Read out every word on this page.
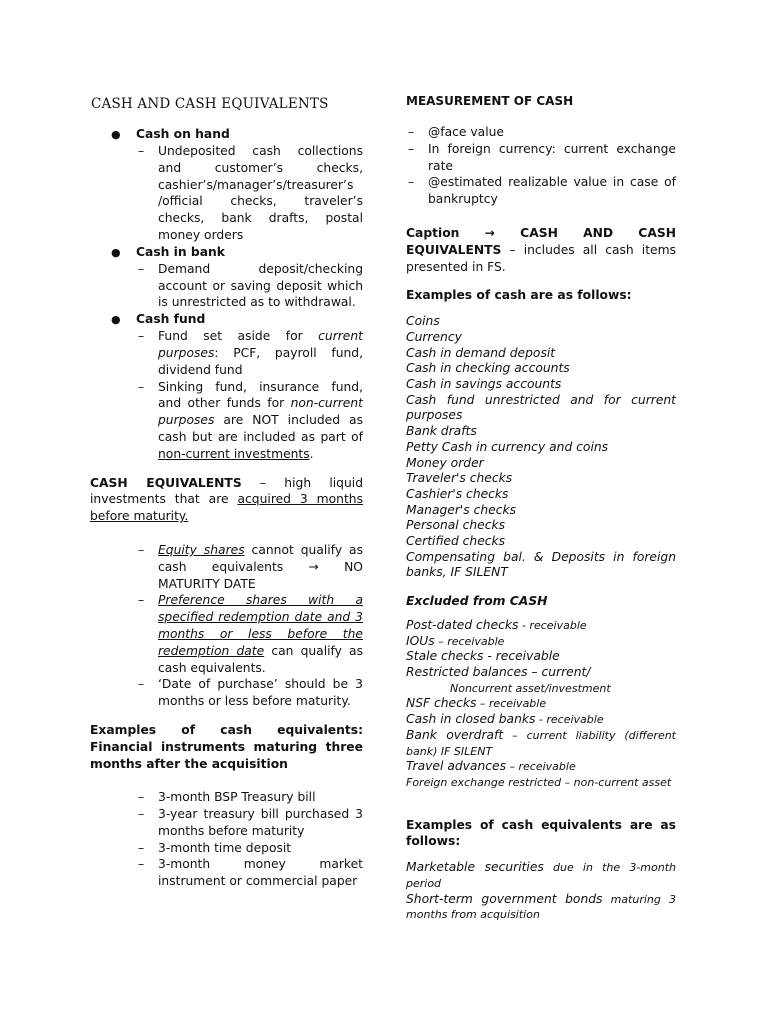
CASH AND CASH EQUIVALENTS
● Cash on hand
– Undeposited cash collections and customer’s checks, cashier’s/manager’s/treasurer’s /official checks, traveler’s checks, bank drafts, postal money orders
● Cash in bank
– Demand deposit/checking account or saving deposit which is unrestricted as to withdrawal.
● Cash fund
– Fund set aside for current purposes: PCF, payroll fund, dividend fund
– Sinking fund, insurance fund, and other funds for non-current purposes are NOT included as cash but are included as part of non-current investments.

CASH EQUIVALENTS – high liquid investments that are acquired 3 months before maturity.

– Equity shares cannot qualify as cash equivalents → NO MATURITY DATE
– Preference shares with a specified redemption date and 3 months or less before the redemption date can qualify as cash equivalents.
– ‘Date of purchase’ should be 3 months or less before maturity.

Examples of cash equivalents: Financial instruments maturing three months after the acquisition

– 3-month BSP Treasury bill
– 3-year treasury bill purchased 3 months before maturity
– 3-month time deposit
– 3-month money market instrument or commercial paper
MEASUREMENT OF CASH
– @face value
– In foreign currency: current exchange rate
– @estimated realizable value in case of bankruptcy

Caption → CASH AND CASH EQUIVALENTS – includes all cash items presented in FS.

Examples of cash are as follows:

Coins
Currency
Cash in demand deposit
Cash in checking accounts
Cash in savings accounts
Cash fund unrestricted and for current purposes
Bank drafts
Petty Cash in currency and coins
Money order
Traveler's checks
Cashier's checks
Manager's checks
Personal checks
Certified checks
Compensating bal. & Deposits in foreign banks, IF SILENT

Excluded from CASH

Post-dated checks - receivable
IOUs – receivable
Stale checks - receivable
Restricted balances – current/
Noncurrent asset/investment
NSF checks – receivable
Cash in closed banks - receivable
Bank overdraft – current liability (different bank) IF SILENT
Travel advances – receivable
Foreign exchange restricted – non-current asset

Examples of cash equivalents are as follows:

Marketable securities due in the 3-month period
Short-term government bonds maturing 3 months from acquisition
